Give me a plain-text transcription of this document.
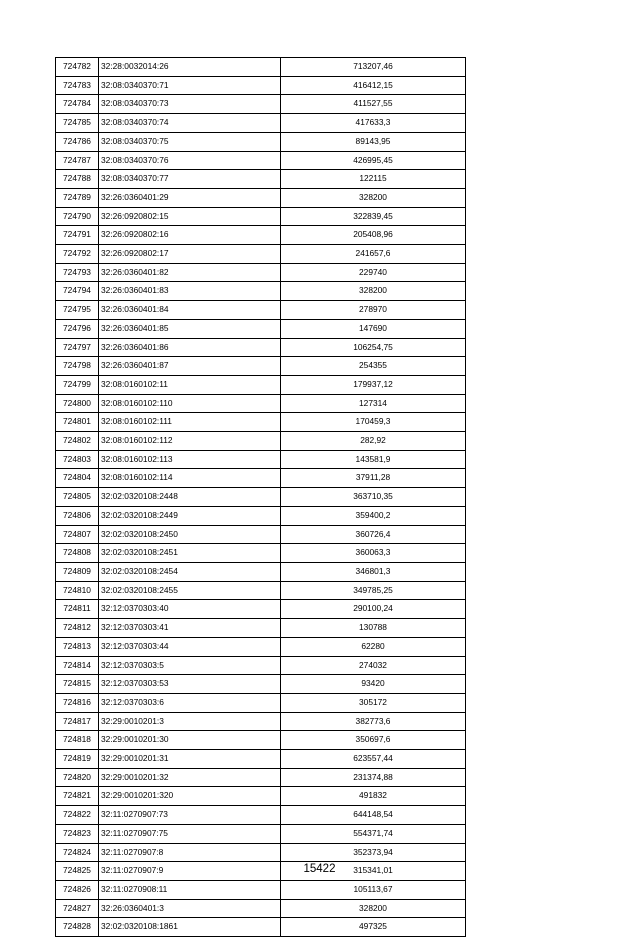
724782	32:28:0032014:26	713207,46
724783	32:08:0340370:71	416412,15
724784	32:08:0340370:73	411527,55
724785	32:08:0340370:74	417633,3
724786	32:08:0340370:75	89143,95
724787	32:08:0340370:76	426995,45
724788	32:08:0340370:77	122115
724789	32:26:0360401:29	328200
724790	32:26:0920802:15	322839,45
724791	32:26:0920802:16	205408,96
724792	32:26:0920802:17	241657,6
724793	32:26:0360401:82	229740
724794	32:26:0360401:83	328200
724795	32:26:0360401:84	278970
724796	32:26:0360401:85	147690
724797	32:26:0360401:86	106254,75
724798	32:26:0360401:87	254355
724799	32:08:0160102:11	179937,12
724800	32:08:0160102:110	127314
724801	32:08:0160102:111	170459,3
724802	32:08:0160102:112	282,92
724803	32:08:0160102:113	143581,9
724804	32:08:0160102:114	37911,28
724805	32:02:0320108:2448	363710,35
724806	32:02:0320108:2449	359400,2
724807	32:02:0320108:2450	360726,4
724808	32:02:0320108:2451	360063,3
724809	32:02:0320108:2454	346801,3
724810	32:02:0320108:2455	349785,25
724811	32:12:0370303:40	290100,24
724812	32:12:0370303:41	130788
724813	32:12:0370303:44	62280
724814	32:12:0370303:5	274032
724815	32:12:0370303:53	93420
724816	32:12:0370303:6	305172
724817	32:29:0010201:3	382773,6
724818	32:29:0010201:30	350697,6
724819	32:29:0010201:31	623557,44
724820	32:29:0010201:32	231374,88
724821	32:29:0010201:320	491832
724822	32:11:0270907:73	644148,54
724823	32:11:0270907:75	554371,74
724824	32:11:0270907:8	352373,94
724825	32:11:0270907:9	315341,01
724826	32:11:0270908:11	105113,67
724827	32:26:0360401:3	328200
724828	32:02:0320108:1861	497325
15422
